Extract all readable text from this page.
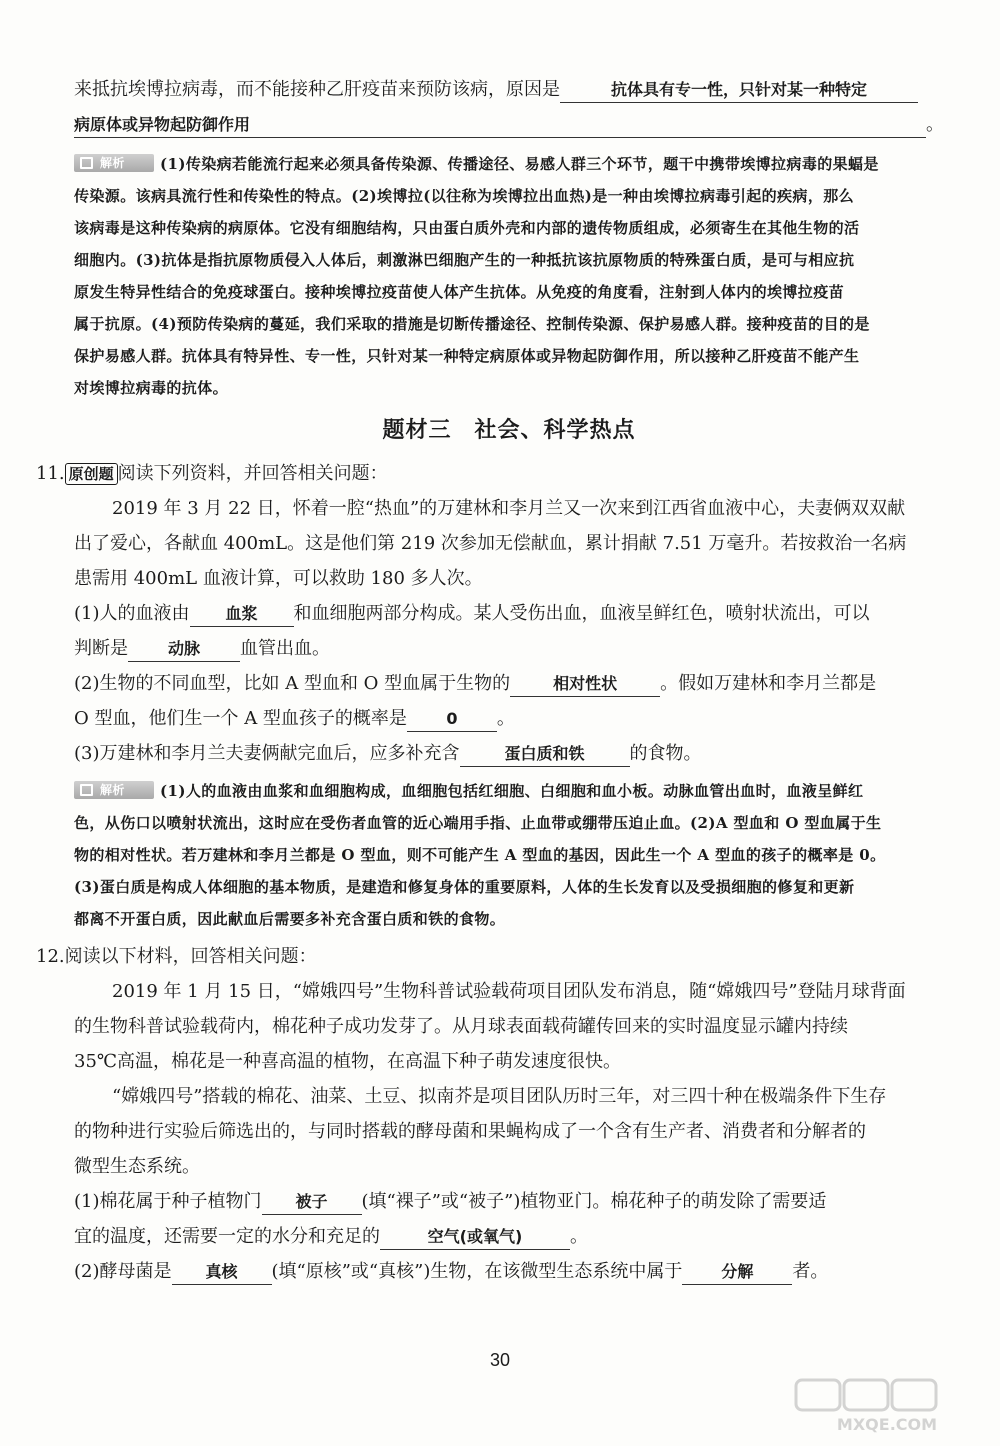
来抵抗埃博拉病毒，而不能接种乙肝疫苗来预防该病，原因是	抗体具有专一性，只针对某一种特定

病原体或异物起防御作用	。

解析 (1)传染病若能流行起来必须具备传染源、传播途径、易感人群三个环节，题干中携带埃博拉病毒的果蝠是

传染源。该病具流行性和传染性的特点。(2)埃博拉(以往称为埃博拉出血热)是一种由埃博拉病毒引起的疾病，那么

该病毒是这种传染病的病原体。它没有细胞结构，只由蛋白质外壳和内部的遗传物质组成，必须寄生在其他生物的活

细胞内。(3)抗体是指抗原物质侵入人体后，刺激淋巴细胞产生的一种抵抗该抗原物质的特殊蛋白质，是可与相应抗

原发生特异性结合的免疫球蛋白。接种埃博拉疫苗使人体产生抗体。从免疫的角度看，注射到人体内的埃博拉疫苗

属于抗原。(4)预防传染病的蔓延，我们采取的措施是切断传播途径、控制传染源、保护易感人群。接种疫苗的目的是

保护易感人群。抗体具有特异性、专一性，只针对某一种特定病原体或异物起防御作用，所以接种乙肝疫苗不能产生

对埃博拉病毒的抗体。

题材三　社会、科学热点

11. 原创题 阅读下列资料，并回答相关问题：

2019 年 3 月 22 日，怀着一腔“热血”的万建林和李月兰又一次来到江西省血液中心，夫妻俩双双献

出了爱心，各献血 400mL。这是他们第 219 次参加无偿献血，累计捐献 7.51 万毫升。若按救治一名病

患需用 400mL 血液计算，可以救助 180 多人次。

(1)人的血液由 血浆 和血细胞两部分构成。某人受伤出血，血液呈鲜红色，喷射状流出，可以

判断是 动脉 血管出血。

(2)生物的不同血型，比如 A 型血和 O 型血属于生物的	相对性状 。假如万建林和李月兰都是

O 型血，他们生一个 A 型血孩子的概率是 0 。

(3)万建林和李月兰夫妻俩献完血后，应多补充含	蛋白质和铁	的食物。

解析 (1)人的血液由血浆和血细胞构成，血细胞包括红细胞、白细胞和血小板。动脉血管出血时，血液呈鲜红

色，从伤口以喷射状流出，这时应在受伤者血管的近心端用手指、止血带或绷带压迫止血。(2)A 型血和 O 型血属于生

物的相对性状。若万建林和李月兰都是 O 型血，则不可能产生 A 型血的基因，因此生一个 A 型血的孩子的概率是 0。

(3)蛋白质是构成人体细胞的基本物质，是建造和修复身体的重要原料，人体的生长发育以及受损细胞的修复和更新

都离不开蛋白质，因此献血后需要多补充含蛋白质和铁的食物。

12.阅读以下材料，回答相关问题：

2019 年 1 月 15 日，“嫦娥四号”生物科普试验载荷项目团队发布消息，随“嫦娥四号”登陆月球背面

的生物科普试验载荷内，棉花种子成功发芽了。从月球表面载荷罐传回来的实时温度显示罐内持续

35℃高温，棉花是一种喜高温的植物，在高温下种子萌发速度很快。

“嫦娥四号”搭载的棉花、油菜、土豆、拟南芥是项目团队历时三年，对三四十种在极端条件下生存

的物种进行实验后筛选出的，与同时搭载的酵母菌和果蝇构成了一个含有生产者、消费者和分解者的

微型生态系统。

(1)棉花属于种子植物门 被子 (填“裸子”或“被子”)植物亚门。棉花种子的萌发除了需要适

宜的温度，还需要一定的水分和充足的	空气(或氧气)	。

(2)酵母菌是 真核 (填“原核”或“真核”)生物，在该微型生态系统中属于 分解 者。

30
MXQE.COM
